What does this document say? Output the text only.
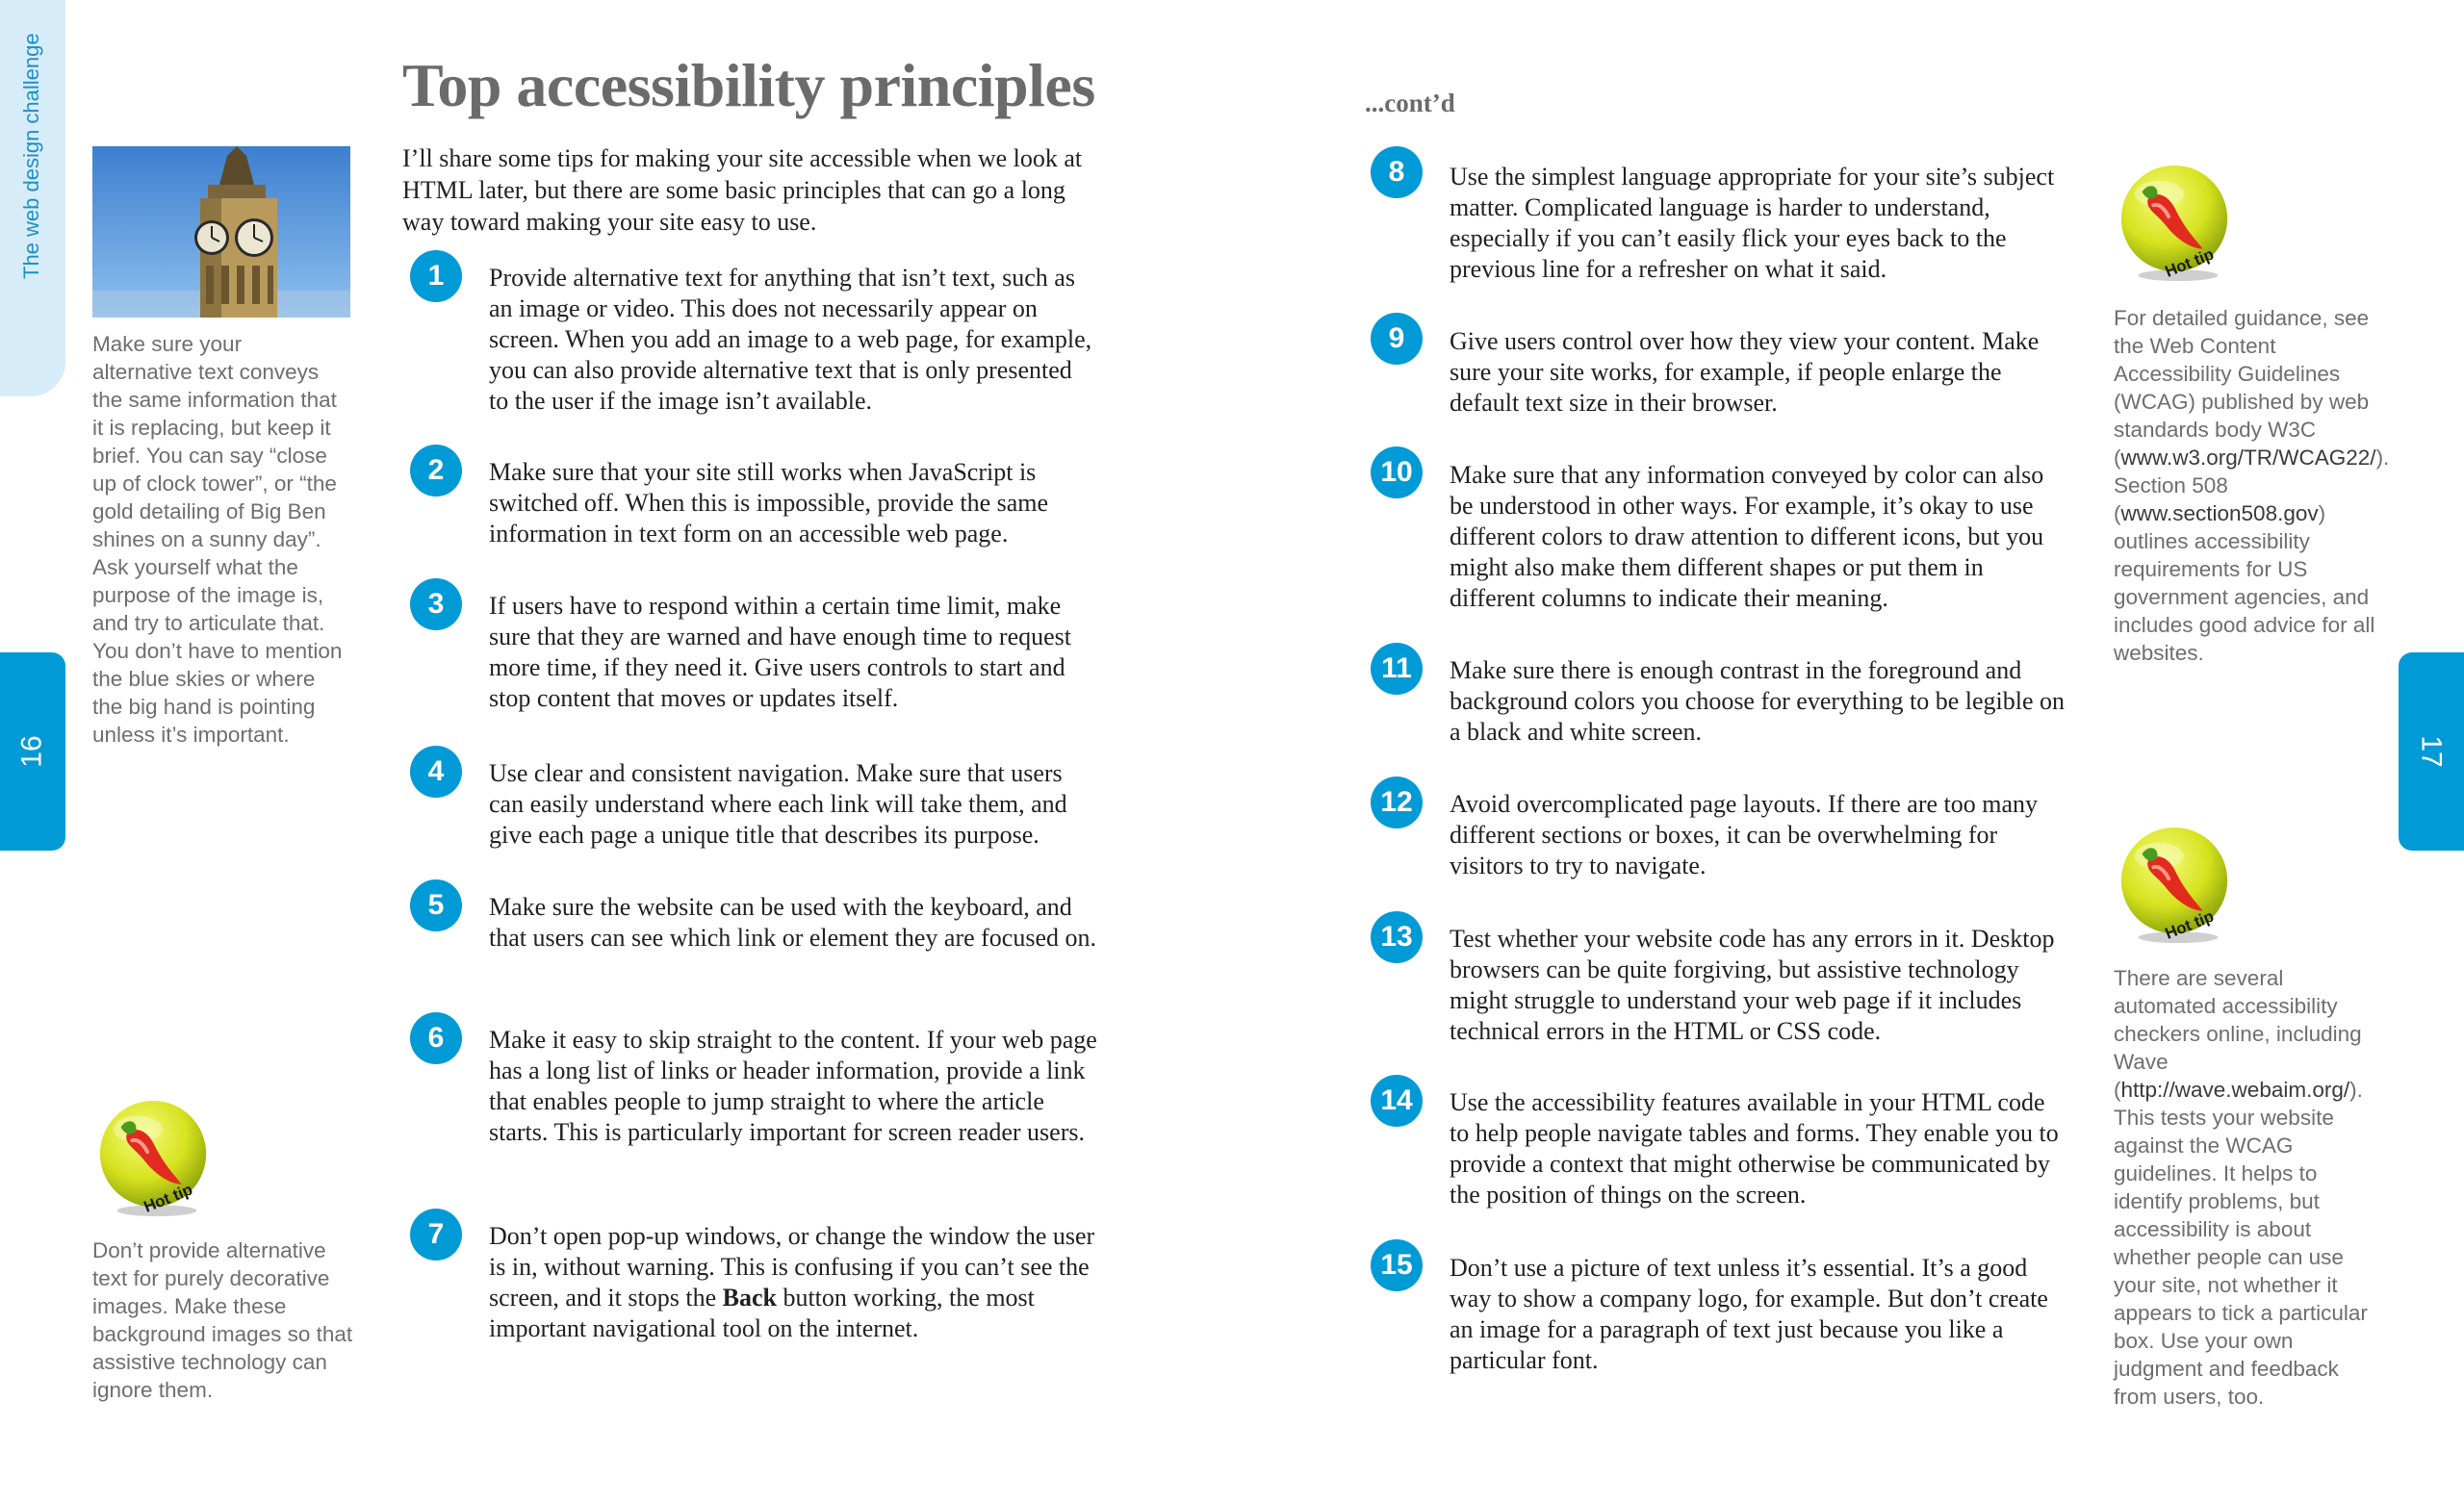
The web design challenge
16	17
Make sure your alternative text conveys the same information that it is replacing, but keep it brief. You can say “close up of clock tower”, or “the gold detailing of Big Ben shines on a sunny day”. Ask yourself what the purpose of the image is, and try to articulate that. You don’t have to mention the blue skies or where the big hand is pointing unless it’s important.
Hot tip
Don’t provide alternative text for purely decorative images. Make these background images so that assistive technology can ignore them.
Top accessibility principles
I’ll share some tips for making your site accessible when we look at HTML later, but there are some basic principles that can go a long way toward making your site easy to use.
1	Provide alternative text for anything that isn’t text, such as an image or video. This does not necessarily appear on screen. When you add an image to a web page, for example, you can also provide alternative text that is only presented to the user if the image isn’t available.
2	Make sure that your site still works when JavaScript is switched off. When this is impossible, provide the same information in text form on an accessible web page.
3	If users have to respond within a certain time limit, make sure that they are warned and have enough time to request more time, if they need it. Give users controls to start and stop content that moves or updates itself.
4	Use clear and consistent navigation. Make sure that users can easily understand where each link will take them, and give each page a unique title that describes its purpose.
5	Make sure the website can be used with the keyboard, and that users can see which link or element they are focused on.
6	Make it easy to skip straight to the content. If your web page has a long list of links or header information, provide a link that enables people to jump straight to where the article starts. This is particularly important for screen reader users.
7	Don’t open pop-up windows, or change the window the user is in, without warning. This is confusing if you can’t see the screen, and it stops the Back button working, the most important navigational tool on the internet.
...cont’d
8	Use the simplest language appropriate for your site’s subject matter. Complicated language is harder to understand, especially if you can’t easily flick your eyes back to the previous line for a refresher on what it said.
9	Give users control over how they view your content. Make sure your site works, for example, if people enlarge the default text size in their browser.
10	Make sure that any information conveyed by color can also be understood in other ways. For example, it’s okay to use different colors to draw attention to different icons, but you might also make them different shapes or put them in different columns to indicate their meaning.
11	Make sure there is enough contrast in the foreground and background colors you choose for everything to be legible on a black and white screen.
12	Avoid overcomplicated page layouts. If there are too many different sections or boxes, it can be overwhelming for visitors to try to navigate.
13	Test whether your website code has any errors in it. Desktop browsers can be quite forgiving, but assistive technology might struggle to understand your web page if it includes technical errors in the HTML or CSS code.
14	Use the accessibility features available in your HTML code to help people navigate tables and forms. They enable you to provide a context that might otherwise be communicated by the position of things on the screen.
15	Don’t use a picture of text unless it’s essential. It’s a good way to show a company logo, for example. But don’t create an image for a paragraph of text just because you like a particular font.
Hot tip
For detailed guidance, see the Web Content Accessibility Guidelines (WCAG) published by web standards body W3C (www.w3.org/TR/WCAG22/). Section 508 (www.section508.gov) outlines accessibility requirements for US government agencies, and includes good advice for all websites.
Hot tip
There are several automated accessibility checkers online, including Wave (http://wave.webaim.org/). This tests your website against the WCAG guidelines. It helps to identify problems, but accessibility is about whether people can use your site, not whether it appears to tick a particular box. Use your own judgment and feedback from users, too.
